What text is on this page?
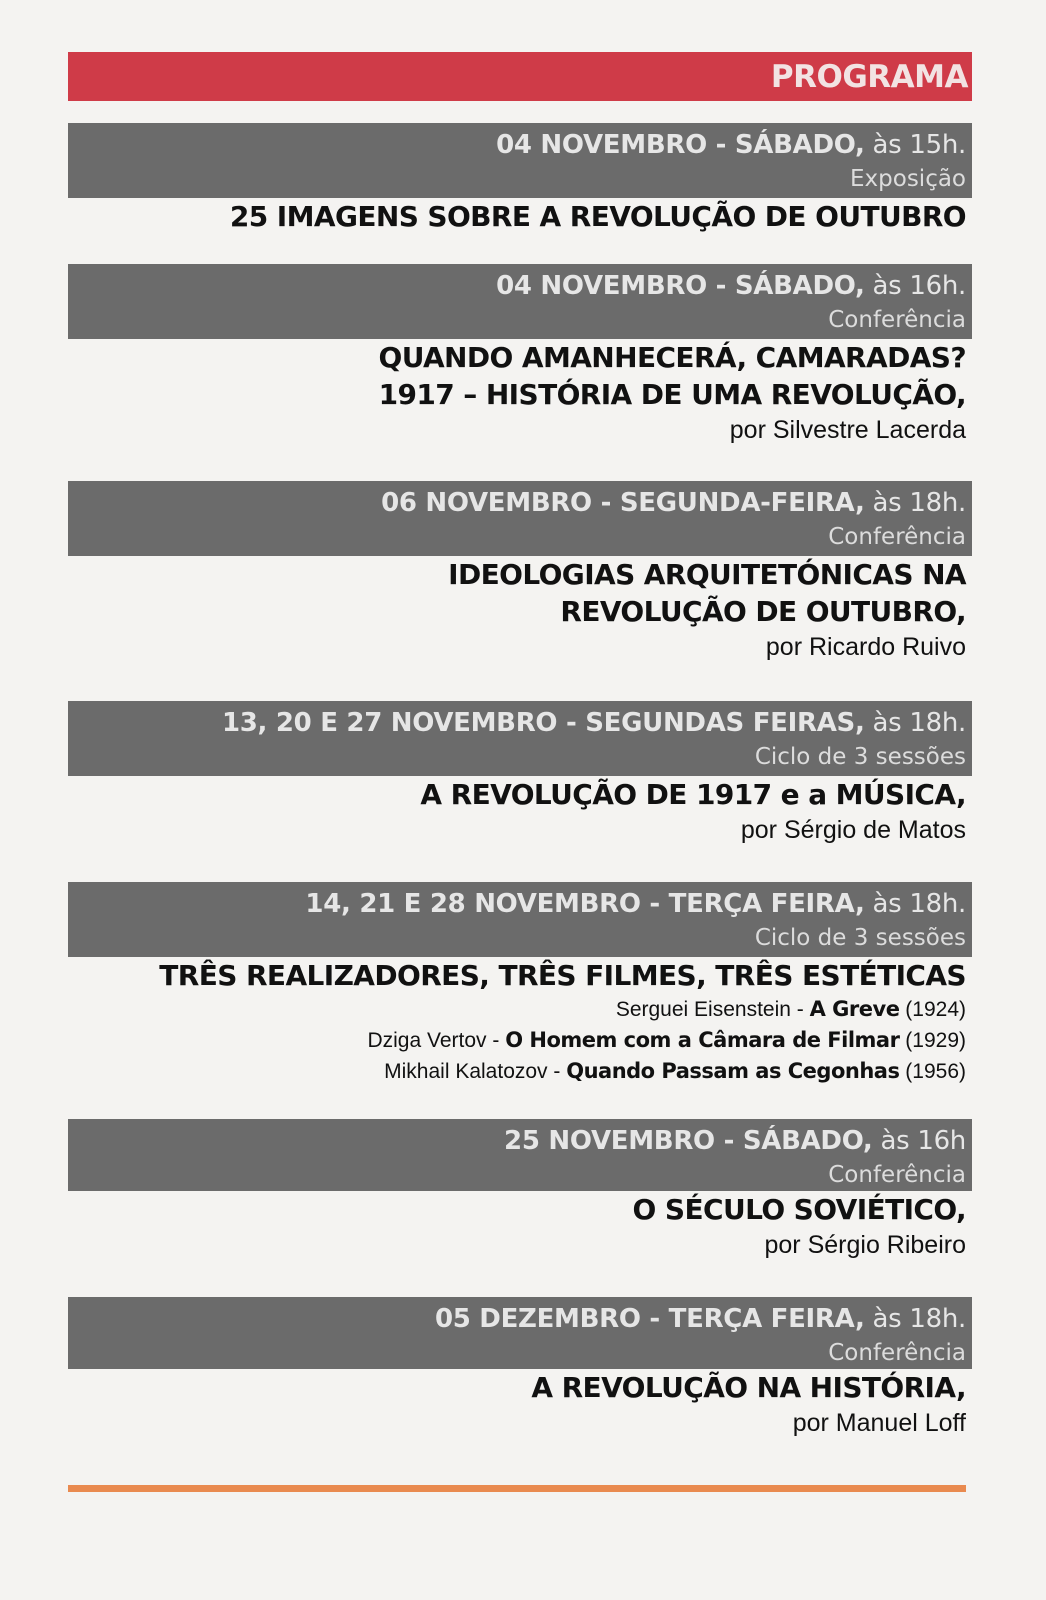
PROGRAMA
04 NOVEMBRO - SÁBADO, às 15h.
Exposição
25 IMAGENS SOBRE A REVOLUÇÃO DE OUTUBRO
04 NOVEMBRO - SÁBADO, às 16h.
Conferência
QUANDO AMANHECERÁ, CAMARADAS?
1917 – HISTÓRIA DE UMA REVOLUÇÃO,
por Silvestre Lacerda
06 NOVEMBRO - SEGUNDA-FEIRA, às 18h.
Conferência
IDEOLOGIAS ARQUITETÓNICAS NA
REVOLUÇÃO DE OUTUBRO,
por Ricardo Ruivo
13, 20 E 27 NOVEMBRO - SEGUNDAS FEIRAS, às 18h.
Ciclo de 3 sessões
A REVOLUÇÃO DE 1917 e a MÚSICA,
por Sérgio de Matos
14, 21 E 28 NOVEMBRO - TERÇA FEIRA, às 18h.
Ciclo de 3 sessões
TRÊS REALIZADORES, TRÊS FILMES, TRÊS ESTÉTICAS
Serguei Eisenstein - A Greve (1924)
Dziga Vertov - O Homem com a Câmara de Filmar (1929)
Mikhail Kalatozov - Quando Passam as Cegonhas (1956)
25 NOVEMBRO - SÁBADO, às 16h
Conferência
O SÉCULO SOVIÉTICO,
por Sérgio Ribeiro
05 DEZEMBRO - TERÇA FEIRA, às 18h.
Conferência
A REVOLUÇÃO NA HISTÓRIA,
por Manuel Loff
